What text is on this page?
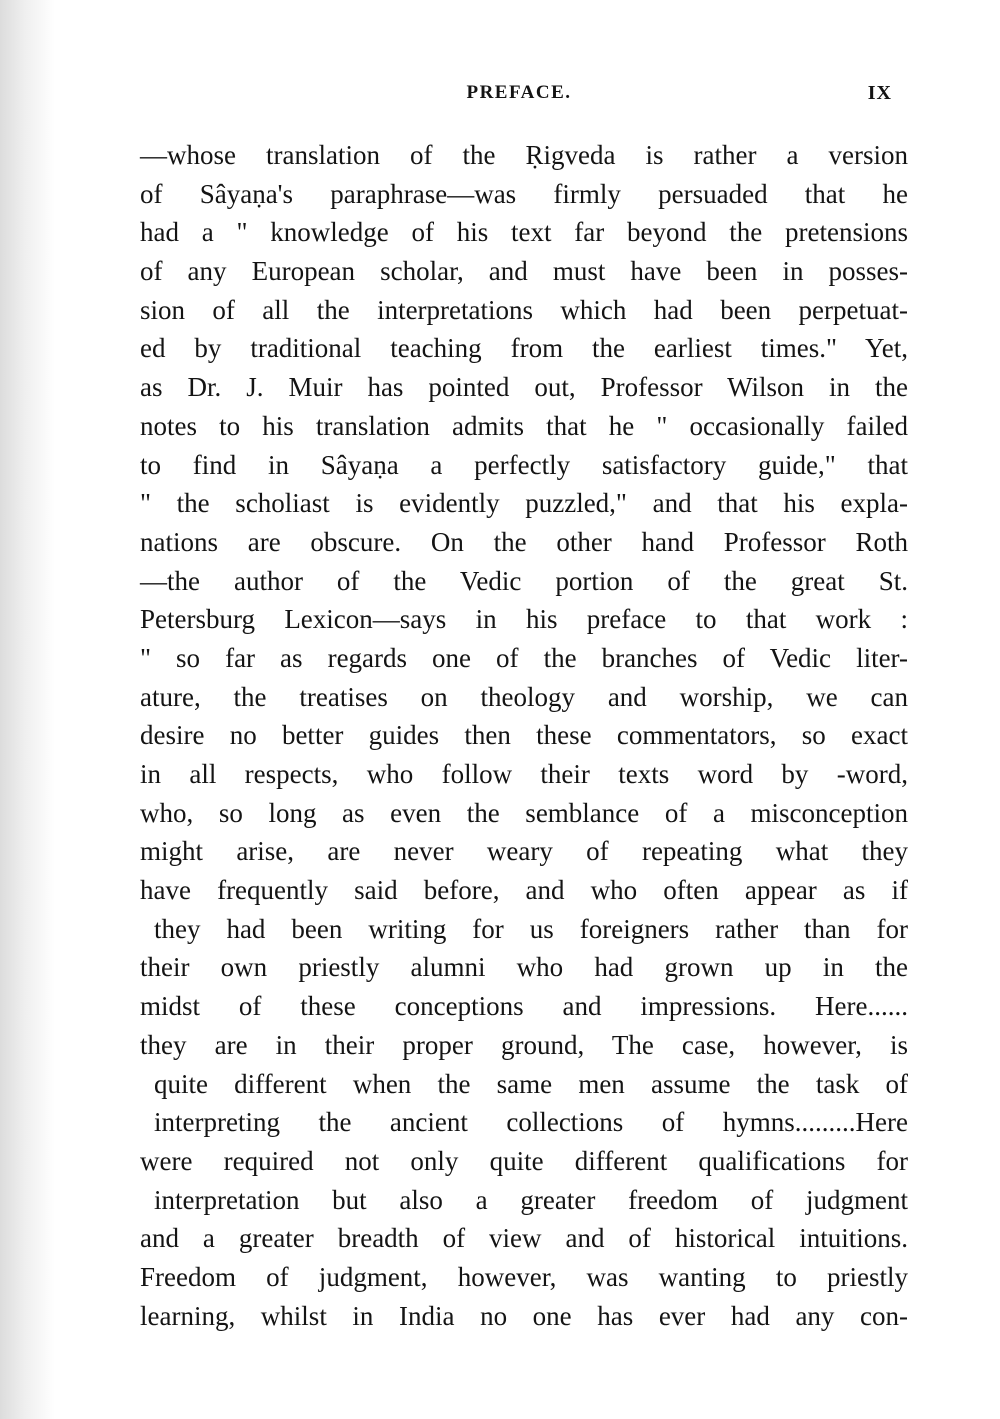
PREFACE.	IX
—whose translation of the Ṛigveda is rather a version
of Sâyaṇa's paraphrase—was firmly persuaded that he
had a " knowledge of his text far beyond the pretensions
of any European scholar, and must have been in posses-
sion of all the interpretations which had been perpetuat-
ed by traditional teaching from the earliest times." Yet,
as Dr. J. Muir has pointed out, Professor Wilson in the
notes to his translation admits that he " occasionally failed
to find in Sâyaṇa a perfectly satisfactory guide," that
" the scholiast is evidently puzzled," and that his expla-
nations are obscure. On the other hand Professor Roth
—the author of the Vedic portion of the great St.
Petersburg Lexicon—says in his preface to that work :
" so far as regards one of the branches of Vedic liter-
ature, the treatises on theology and worship, we can
desire no better guides then these commentators, so exact
in all respects, who follow their texts word by -word,
who, so long as even the semblance of a misconception
might arise, are never weary of repeating what they
have frequently said before, and who often appear as if
they had been writing for us foreigners rather than for
their own priestly alumni who had grown up in the
midst of these conceptions and impressions. Here......
they are in their proper ground, The case, however, is
quite different when the same men assume the task of
interpreting the ancient collections of hymns.........Here
were required not only quite different qualifications for
interpretation but also a greater freedom of judgment
and a greater breadth of view and of historical intuitions.
Freedom of judgment, however, was wanting to priestly
learning, whilst in India no one has ever had any con-
